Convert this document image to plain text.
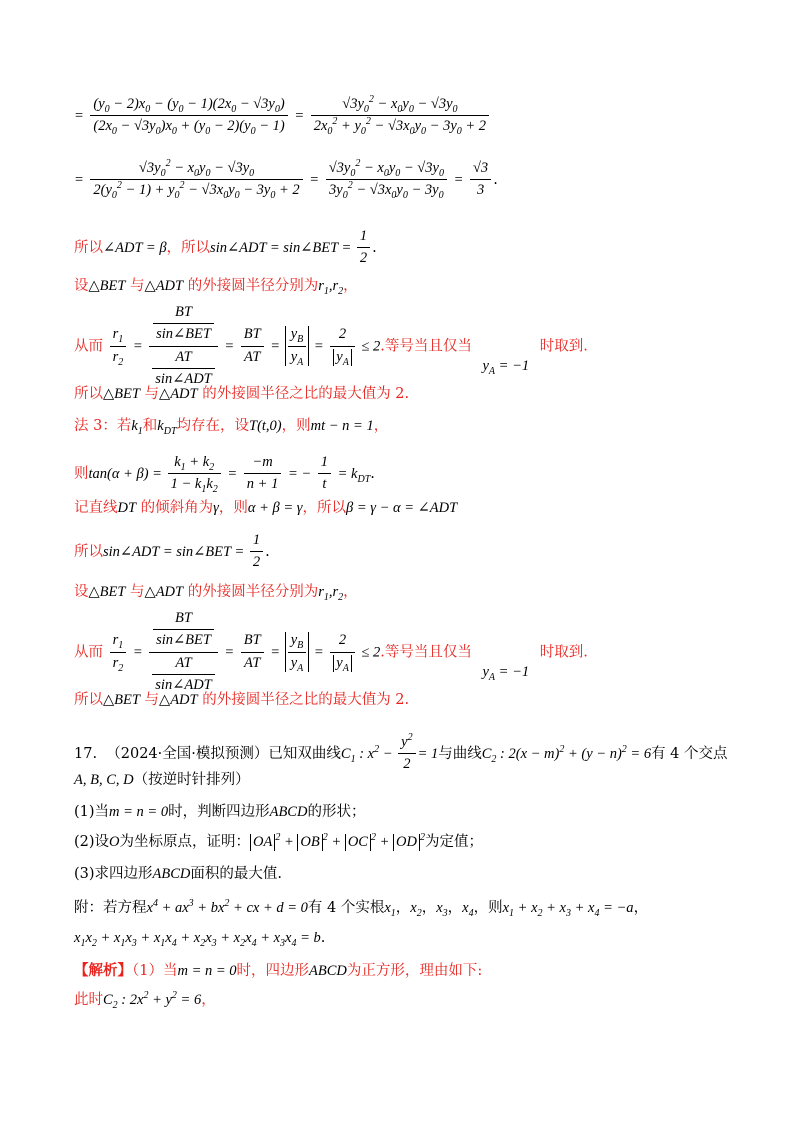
= $\frac{(y_0 - 2)x_0 - (y_0 - 1)(2x_0 - √3y_0)}{(2x_0 - √3y_0)x_0 + (y_0 - 2)(y_0 - 1)} = \frac{√3y_0^2 - x_0y_0 - √3y_0}{2x_0^2 + y_0^2 - √3x_0y_0 - 3y_0 + 2}$
= $\frac{√3y_0^2 - x_0y_0 - √3y_0}{2(y_0^2 - 1) + y_0^2 - √3x_0y_0 - 3y_0 + 2} = \frac{√3y_0^2 - x_0y_0 - √3y_0}{3y_0^2 - √3x_0y_0 - 3y_0} = \frac{√3}{3}$ .
所以∠ADT = β，所以sin∠ADT = sin∠BET = $\frac{1}{2}$ .
设△BET 与△ADT 的外接圆半径分别为$r_1,r_2$，
从而 $\frac{r_1}{r_2} = \frac{\frac{BT}{\text{sin∠BET}}}{\frac{AT}{\text{sin∠ADT}}} = \frac{BT}{AT} = \frac{y_B}{y_A} = \frac{2}{y_A} \le 2$.等号当且仅当 $y_A = -1$ 时取到.
所以△BET 与△ADT 的外接圆半径之比的最大值为 2.
法 3：若$k_1$和$k_{DT}$均存在，设T(t,0)，则mt − n = 1，
则$\tan(\alpha + \beta) = \frac{k_1 + k_2}{1 - k_1k_2} = \frac{-m}{n + 1}$ = − $\frac{1}{t} = k_{DT}$.
记直线DT 的倾斜角为γ，则α + β = γ，所以β = γ − α = ∠ADT
所以sin∠ADT = sin∠BET = $\frac{1}{2}$ .
设△BET 与△ADT 的外接圆半径分别为$r_1,r_2$，
从而 $\frac{r_1}{r_2} = \frac{\frac{BT}{\text{sin∠BET}}}{\frac{AT}{\text{sin∠ADT}}} = \frac{BT}{AT} = \frac{y_B}{y_A} = \frac{2}{y_A} \le 2$.等号当且仅当 $y_A = -1$ 时取到.
所以△BET 与△ADT 的外接圆半径之比的最大值为 2.
17.  （2024·全国·模拟预测）已知双曲线$C_1$ : $x^2 - \frac{y^2}{2} = 1$与曲线$C_2$ : $2(x - m)^2 + (y - n)^2 = 6$有 4 个交点
A, B, C, D（按逆时针排列）
(1)当m = n = 0时，判断四边形ABCD的形状；
(2)设O为坐标原点，证明： OA $^2$ + OB $^2$ + OC $^2$ + OD $^2$为定值；
(3)求四边形ABCD面积的最大值.
附：若方程$x^4 + ax^3 + bx^2$ + cx + d = 0有 4 个实根$x_1$，$x_2$，$x_3$，$x_4$，则$x_1 + x_2 + x_3 + x_4 = -a$，
$x_1x_2 + x_1x_3 + x_1x_4 + x_2x_3 + x_2x_4 + x_3x_4 = b$.
【解析】（1）当m = n = 0时，四边形ABCD为正方形，理由如下:
此时$C_2$ : $2x^2 + y^2 = 6$，
